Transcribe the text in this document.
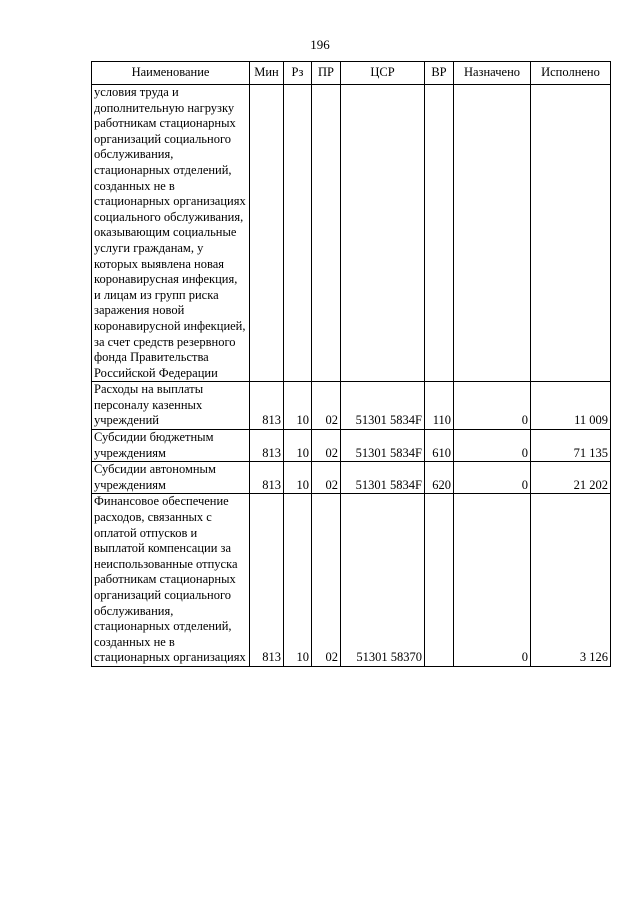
196
Наименование	Мин	Рз	ПР	ЦСР	ВР	Назначено	Исполнено
условия труда и дополнительную нагрузку работникам стационарных организаций социального обслуживания, стационарных отделений, созданных не в стационарных организациях социального обслуживания, оказывающим социальные услуги гражданам, у которых выявлена новая коронавирусная инфекция, и лицам из групп риска заражения новой коронавирусной инфекцией, за счет средств резервного фонда Правительства Российской Федерации							
Расходы на выплаты персоналу казенных учреждений	813	10	02	51301 5834F	110	0	11 009
Субсидии бюджетным учреждениям	813	10	02	51301 5834F	610	0	71 135
Субсидии автономным учреждениям	813	10	02	51301 5834F	620	0	21 202
Финансовое обеспечение расходов, связанных с оплатой отпусков и выплатой компенсации за неиспользованные отпуска работникам стационарных организаций социального обслуживания, стационарных отделений, созданных не в стационарных организациях	813	10	02	51301 58370		0	3 126
